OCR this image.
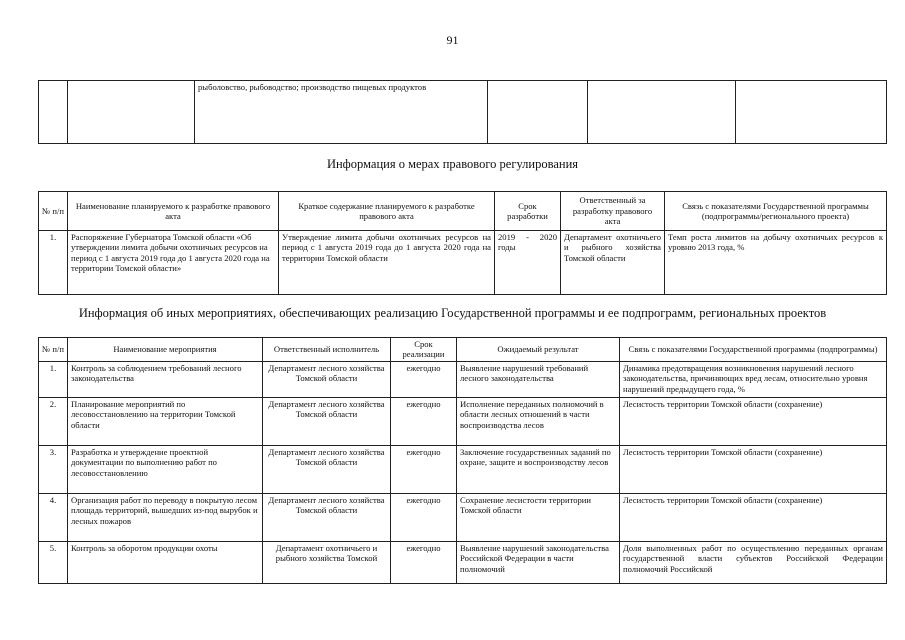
91
		рыболовство, рыбоводство; производство пищевых продуктов			
Информация о мерах правового регулирования
№ п/п	Наименование планируемого к разработке правового акта	Краткое содержание планируемого к разработке правового акта	Срок разработки	Ответственный за разработку правового акта	Связь с показателями Государственной программы (подпрограммы/регионального проекта)
1.	Распоряжение Губернатора Томской области «Об утверждении лимита добычи охотничьих ресурсов на период с 1 августа 2019 года до 1 августа 2020 года на территории Томской области»	Утверждение лимита добычи охотничьих ресурсов на период с 1 августа 2019 года до 1 августа 2020 года на территории Томской области	2019 - 2020 годы	Департамент охотничьего и рыбного хозяйства Томской области	Темп роста лимитов на добычу охотничьих ресурсов к уровню 2013 года, %
Информация об иных мероприятиях, обеспечивающих реализацию Государственной программы и ее подпрограмм, региональных проектов
№ п/п	Наименование мероприятия	Ответственный исполнитель	Срок реализации	Ожидаемый результат	Связь с показателями Государственной программы (подпрограммы)
1.	Контроль за соблюдением требований лесного законодательства	Департамент лесного хозяйства Томской области	ежегодно	Выявление нарушений требований лесного законодательства	Динамика предотвращения возникновения нарушений лесного законодательства, причиняющих вред лесам, относительно уровня нарушений предыдущего года, %
2.	Планирование мероприятий по лесовосстановлению на территории Томской области	Департамент лесного хозяйства Томской области	ежегодно	Исполнение переданных полномочий в области лесных отношений в части воспроизводства лесов	Лесистость территории Томской области (сохранение)
3.	Разработка и утверждение проектной документации по выполнению работ по лесовосстановлению	Департамент лесного хозяйства Томской области	ежегодно	Заключение государственных заданий по охране, защите и воспроизводству лесов	Лесистость территории Томской области (сохранение)
4.	Организация работ по переводу в покрытую лесом площадь территорий, вышедших из-под вырубок и лесных пожаров	Департамент лесного хозяйства Томской области	ежегодно	Сохранение лесистости территории Томской области	Лесистость территории Томской области (сохранение)
5.	Контроль за оборотом продукции охоты	Департамент охотничьего и рыбного хозяйства Томской	ежегодно	Выявление нарушений законодательства Российской Федерации в части полномочий	Доля выполненных работ по осуществлению переданных органам государственной власти субъектов Российской Федерации полномочий Российской
